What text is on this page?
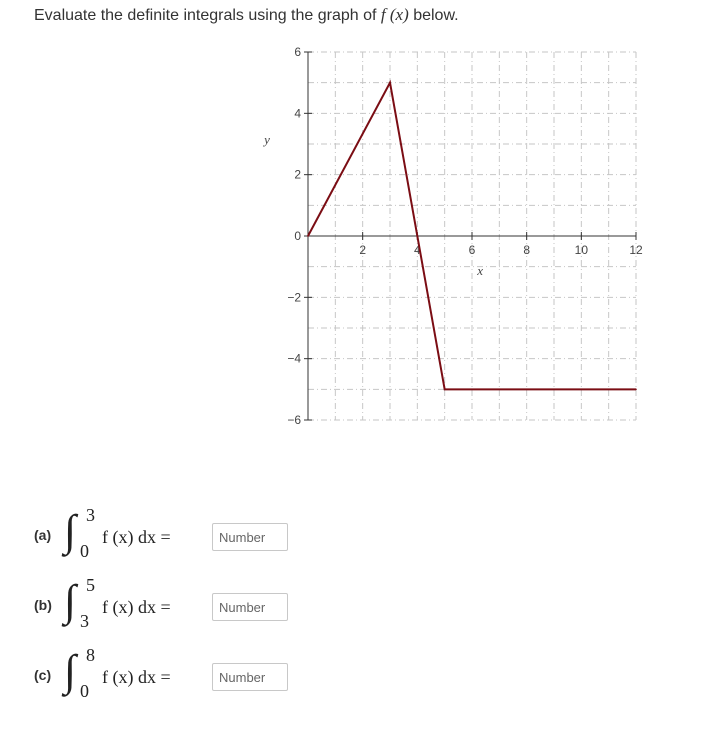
Evaluate the definite integrals using the graph of f (x) below.
2	4	6	8	10	12
6
4
2
0
−2
−4
−6
x
y
(a) ∫ 3
0
f (x) dx =
Number
(b) ∫ 5
3
f (x) dx =
Number
(c) ∫ 8
0
f (x) dx =
Number
